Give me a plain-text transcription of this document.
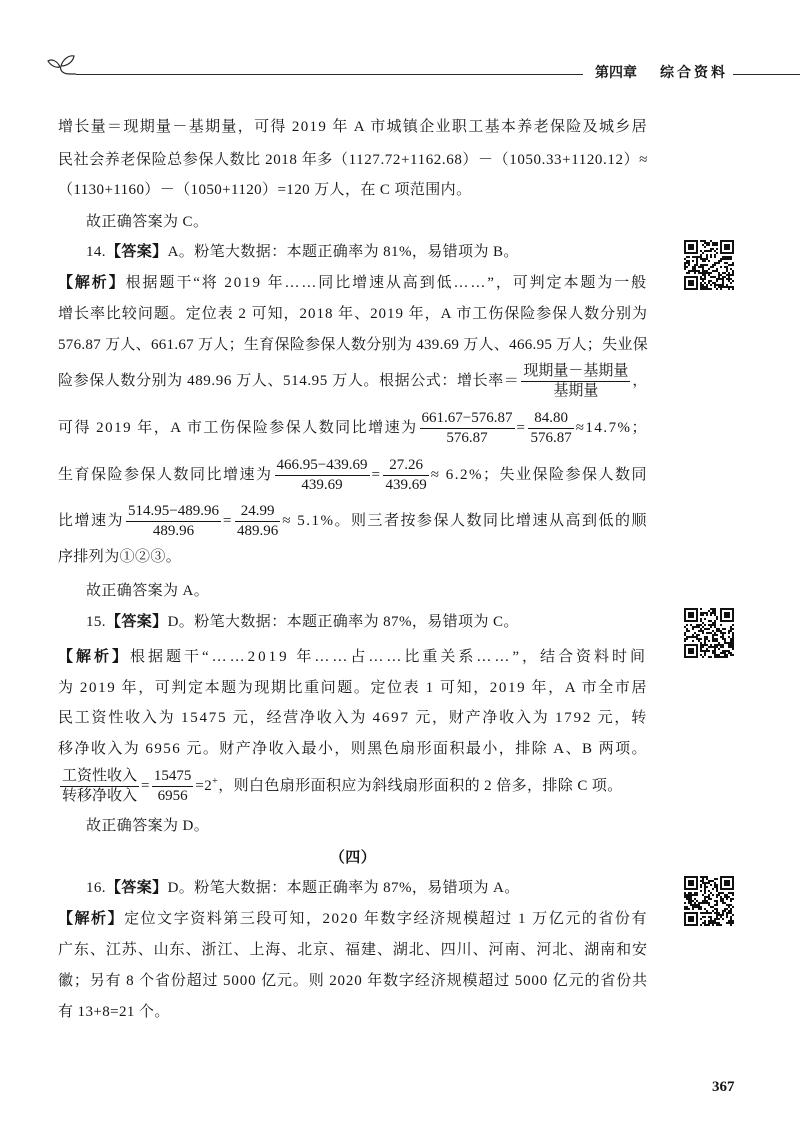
第四章 综合资料
增长量＝现期量－基期量，可得 2019 年 A 市城镇企业职工基本养老保险及城乡居
民社会养老保险总参保人数比 2018 年多（1127.72+1162.68）－（1050.33+1120.12）≈
（1130+1160）－（1050+1120）=120 万人，在 C 项范围内。
故正确答案为 C。
14.【答案】A。粉笔大数据：本题正确率为 81%，易错项为 B。
【解析】根据题干“将 2019 年……同比增速从高到低……”，可判定本题为一般
增长率比较问题。定位表 2 可知，2018 年、2019 年，A 市工伤保险参保人数分别为
576.87 万人、661.67 万人；生育保险参保人数分别为 439.69 万人、466.95 万人；失业保
险参保人数分别为 489.96 万人、514.95 万人。根据公式：增长率＝ $\frac{\text{现期量－基期量}}{\text{基期量}}$ ，
可得 2019 年，A 市工伤保险参保人数同比增速为 $\frac{661.67-576.87}{576.87} = \frac{84.80}{576.87} \approx 14.7\%$；
生育保险参保人数同比增速为 $\frac{466.95-439.69}{439.69} = \frac{27.26}{439.69} \approx 6.2\%$；失业保险参保人数同
比增速为 $\frac{514.95-489.96}{489.96} = \frac{24.99}{489.96} \approx 5.1\%$。则三者按参保人数同比增速从高到低的顺
序排列为①②③。
故正确答案为 A。
15.【答案】D。粉笔大数据：本题正确率为 87%，易错项为 C。
【解析】根据题干“……2019 年……占……比重关系……”，结合资料时间
为 2019 年，可判定本题为现期比重问题。定位表 1 可知，2019 年，A 市全市居
民工资性收入为 15475 元，经营净收入为 4697 元，财产净收入为 1792 元，转
移净收入为 6956 元。财产净收入最小，则黑色扇形面积最小，排除 A、B 两项。
$\frac{\text{工资性收入}}{\text{转移净收入}} = \frac{15475}{6956} =2^+$，则白色扇形面积应为斜线扇形面积的 2 倍多，排除 C 项。
故正确答案为 D。
（四）
16.【答案】D。粉笔大数据：本题正确率为 87%，易错项为 A。
【解析】定位文字资料第三段可知，2020 年数字经济规模超过 1 万亿元的省份有
广东、江苏、山东、浙江、上海、北京、福建、湖北、四川、河南、河北、湖南和安
徽；另有 8 个省份超过 5000 亿元。则 2020 年数字经济规模超过 5000 亿元的省份共
有 13+8=21 个。
367
